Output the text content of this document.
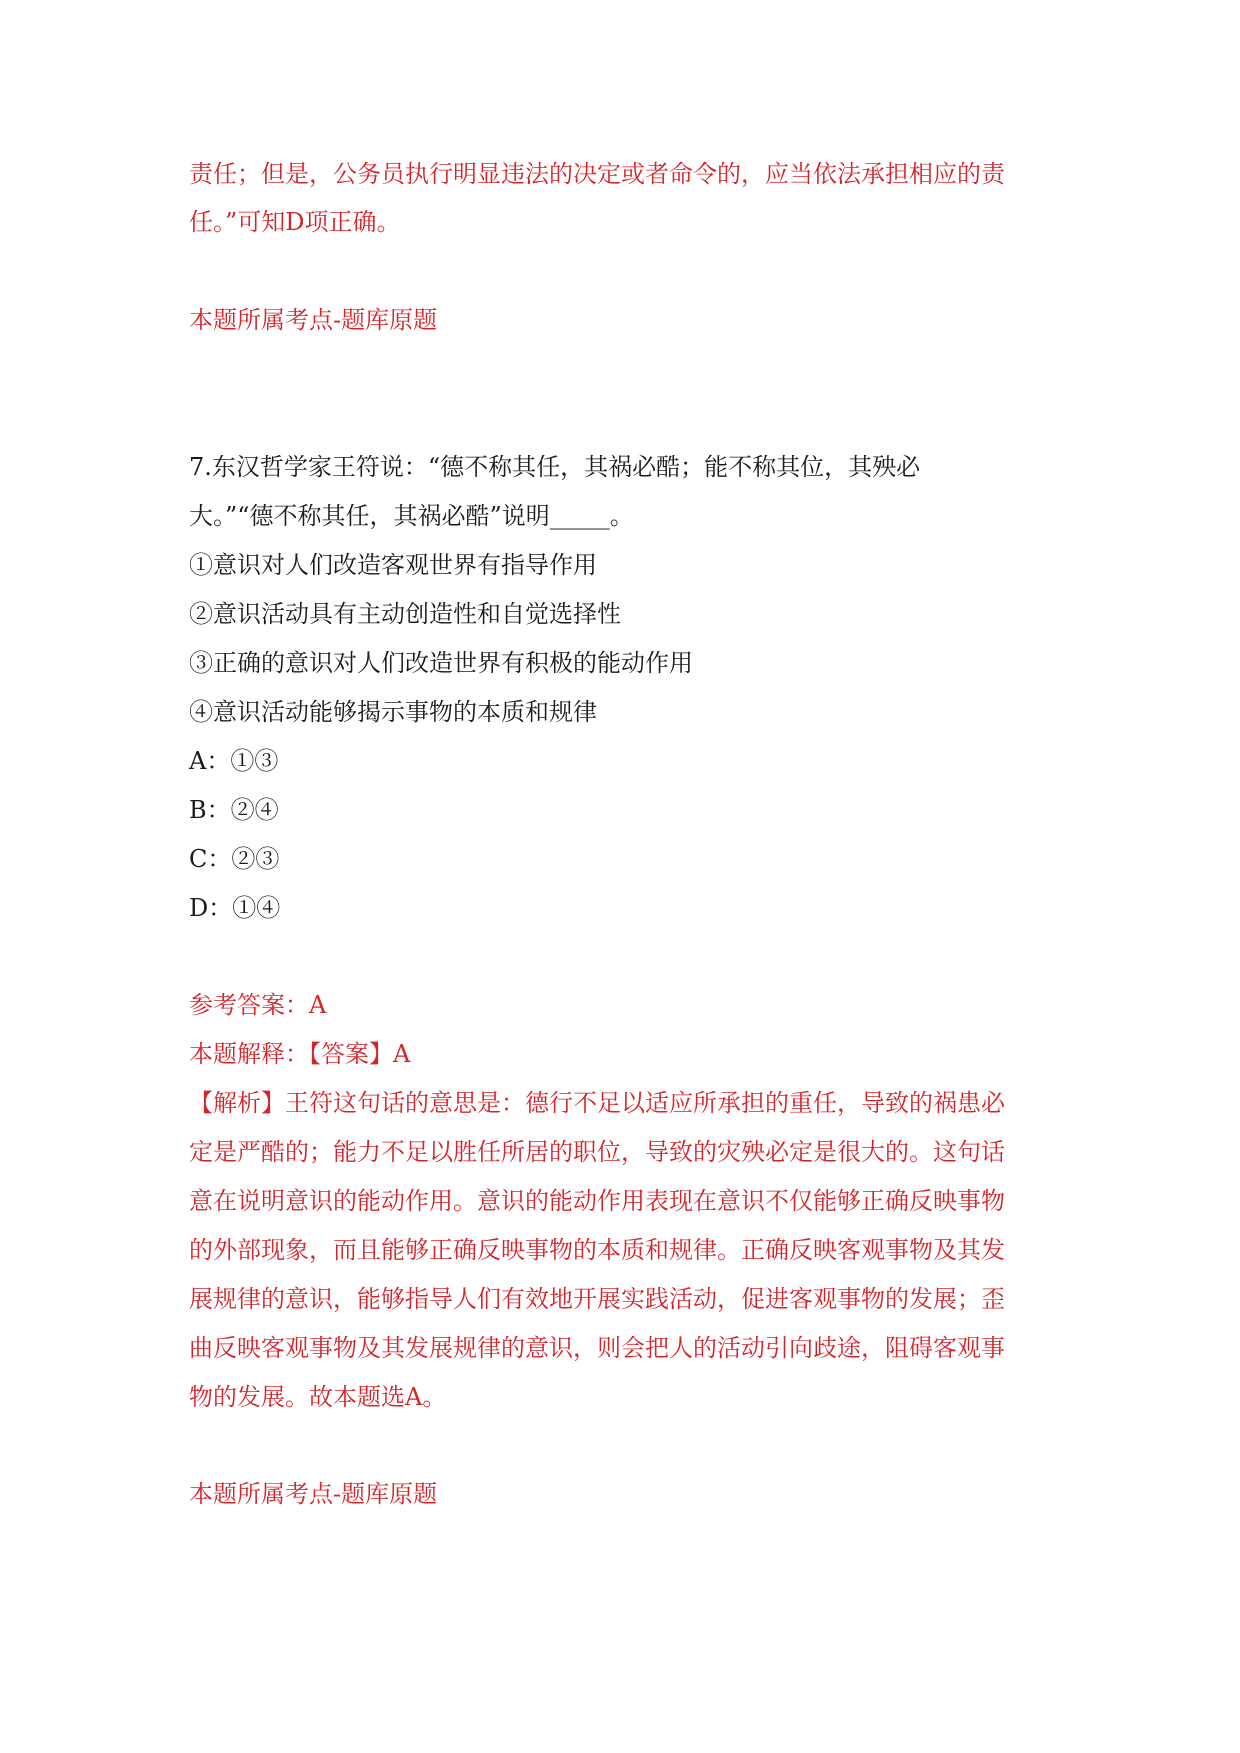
责任；但是，公务员执行明显违法的决定或者命令的，应当依法承担相应的责
任。”可知D项正确。
本题所属考点-题库原题
7.东汉哲学家王符说：“德不称其任，其祸必酷；能不称其位，其殃必
大。”“德不称其任，其祸必酷”说明_____。
①意识对人们改造客观世界有指导作用
②意识活动具有主动创造性和自觉选择性
③正确的意识对人们改造世界有积极的能动作用
④意识活动能够揭示事物的本质和规律
A：①③
B：②④
C：②③
D：①④
参考答案：A
本题解释：【答案】A
【解析】王符这句话的意思是：德行不足以适应所承担的重任，导致的祸患必
定是严酷的；能力不足以胜任所居的职位，导致的灾殃必定是很大的。这句话
意在说明意识的能动作用。意识的能动作用表现在意识不仅能够正确反映事物
的外部现象，而且能够正确反映事物的本质和规律。正确反映客观事物及其发
展规律的意识，能够指导人们有效地开展实践活动，促进客观事物的发展；歪
曲反映客观事物及其发展规律的意识，则会把人的活动引向歧途，阻碍客观事
物的发展。故本题选A。
本题所属考点-题库原题
